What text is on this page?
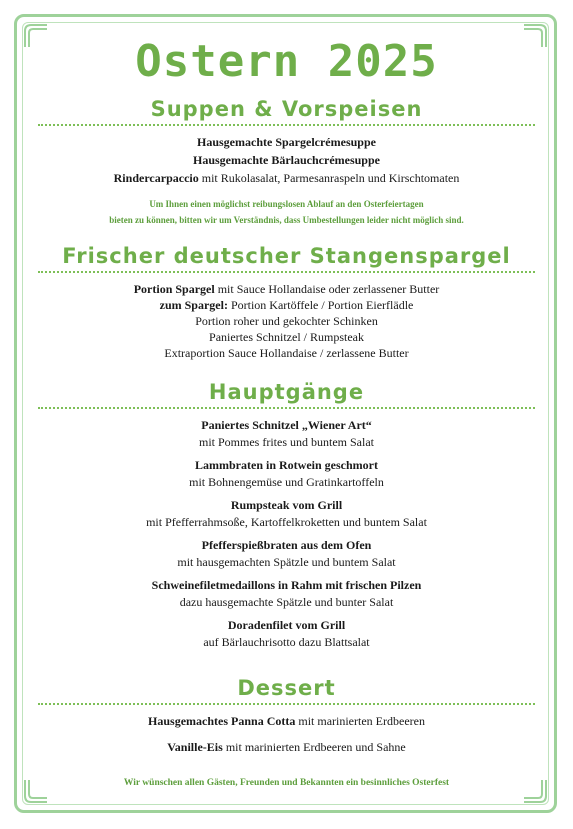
Ostern 2025
Suppen & Vorspeisen

Hausgemachte Spargelcrémesuppe

Hausgemachte Bärlauchcrémesuppe

Rindercarpaccio mit Rukolasalat, Parmesanraspeln und Kirschtomaten

Um Ihnen einen möglichst reibungslosen Ablauf an den Osterfeiertagen

bieten zu können, bitten wir um Verständnis, dass Umbestellungen leider nicht möglich sind.

Frischer deutscher Stangenspargel

Portion Spargel mit Sauce Hollandaise oder zerlassener Butter

zum Spargel: Portion Kartöffele / Portion Eierflädle

Portion roher und gekochter Schinken

Paniertes Schnitzel / Rumpsteak

Extraportion Sauce Hollandaise / zerlassene Butter

Hauptgänge

Paniertes Schnitzel „Wiener Art“

mit Pommes frites und buntem Salat

Lammbraten in Rotwein geschmort

mit Bohnengemüse und Gratinkartoffeln

Rumpsteak vom Grill

mit Pfefferrahmsoße, Kartoffelkroketten und buntem Salat

Pfefferspießbraten aus dem Ofen

mit hausgemachten Spätzle und buntem Salat

Schweinefiletmedaillons in Rahm mit frischen Pilzen

dazu hausgemachte Spätzle und bunter Salat

Doradenfilet vom Grill

auf Bärlauchrisotto dazu Blattsalat

Dessert

Hausgemachtes Panna Cotta mit marinierten Erdbeeren

Vanille-Eis mit marinierten Erdbeeren und Sahne

Wir wünschen allen Gästen, Freunden und Bekannten ein besinnliches Osterfest
